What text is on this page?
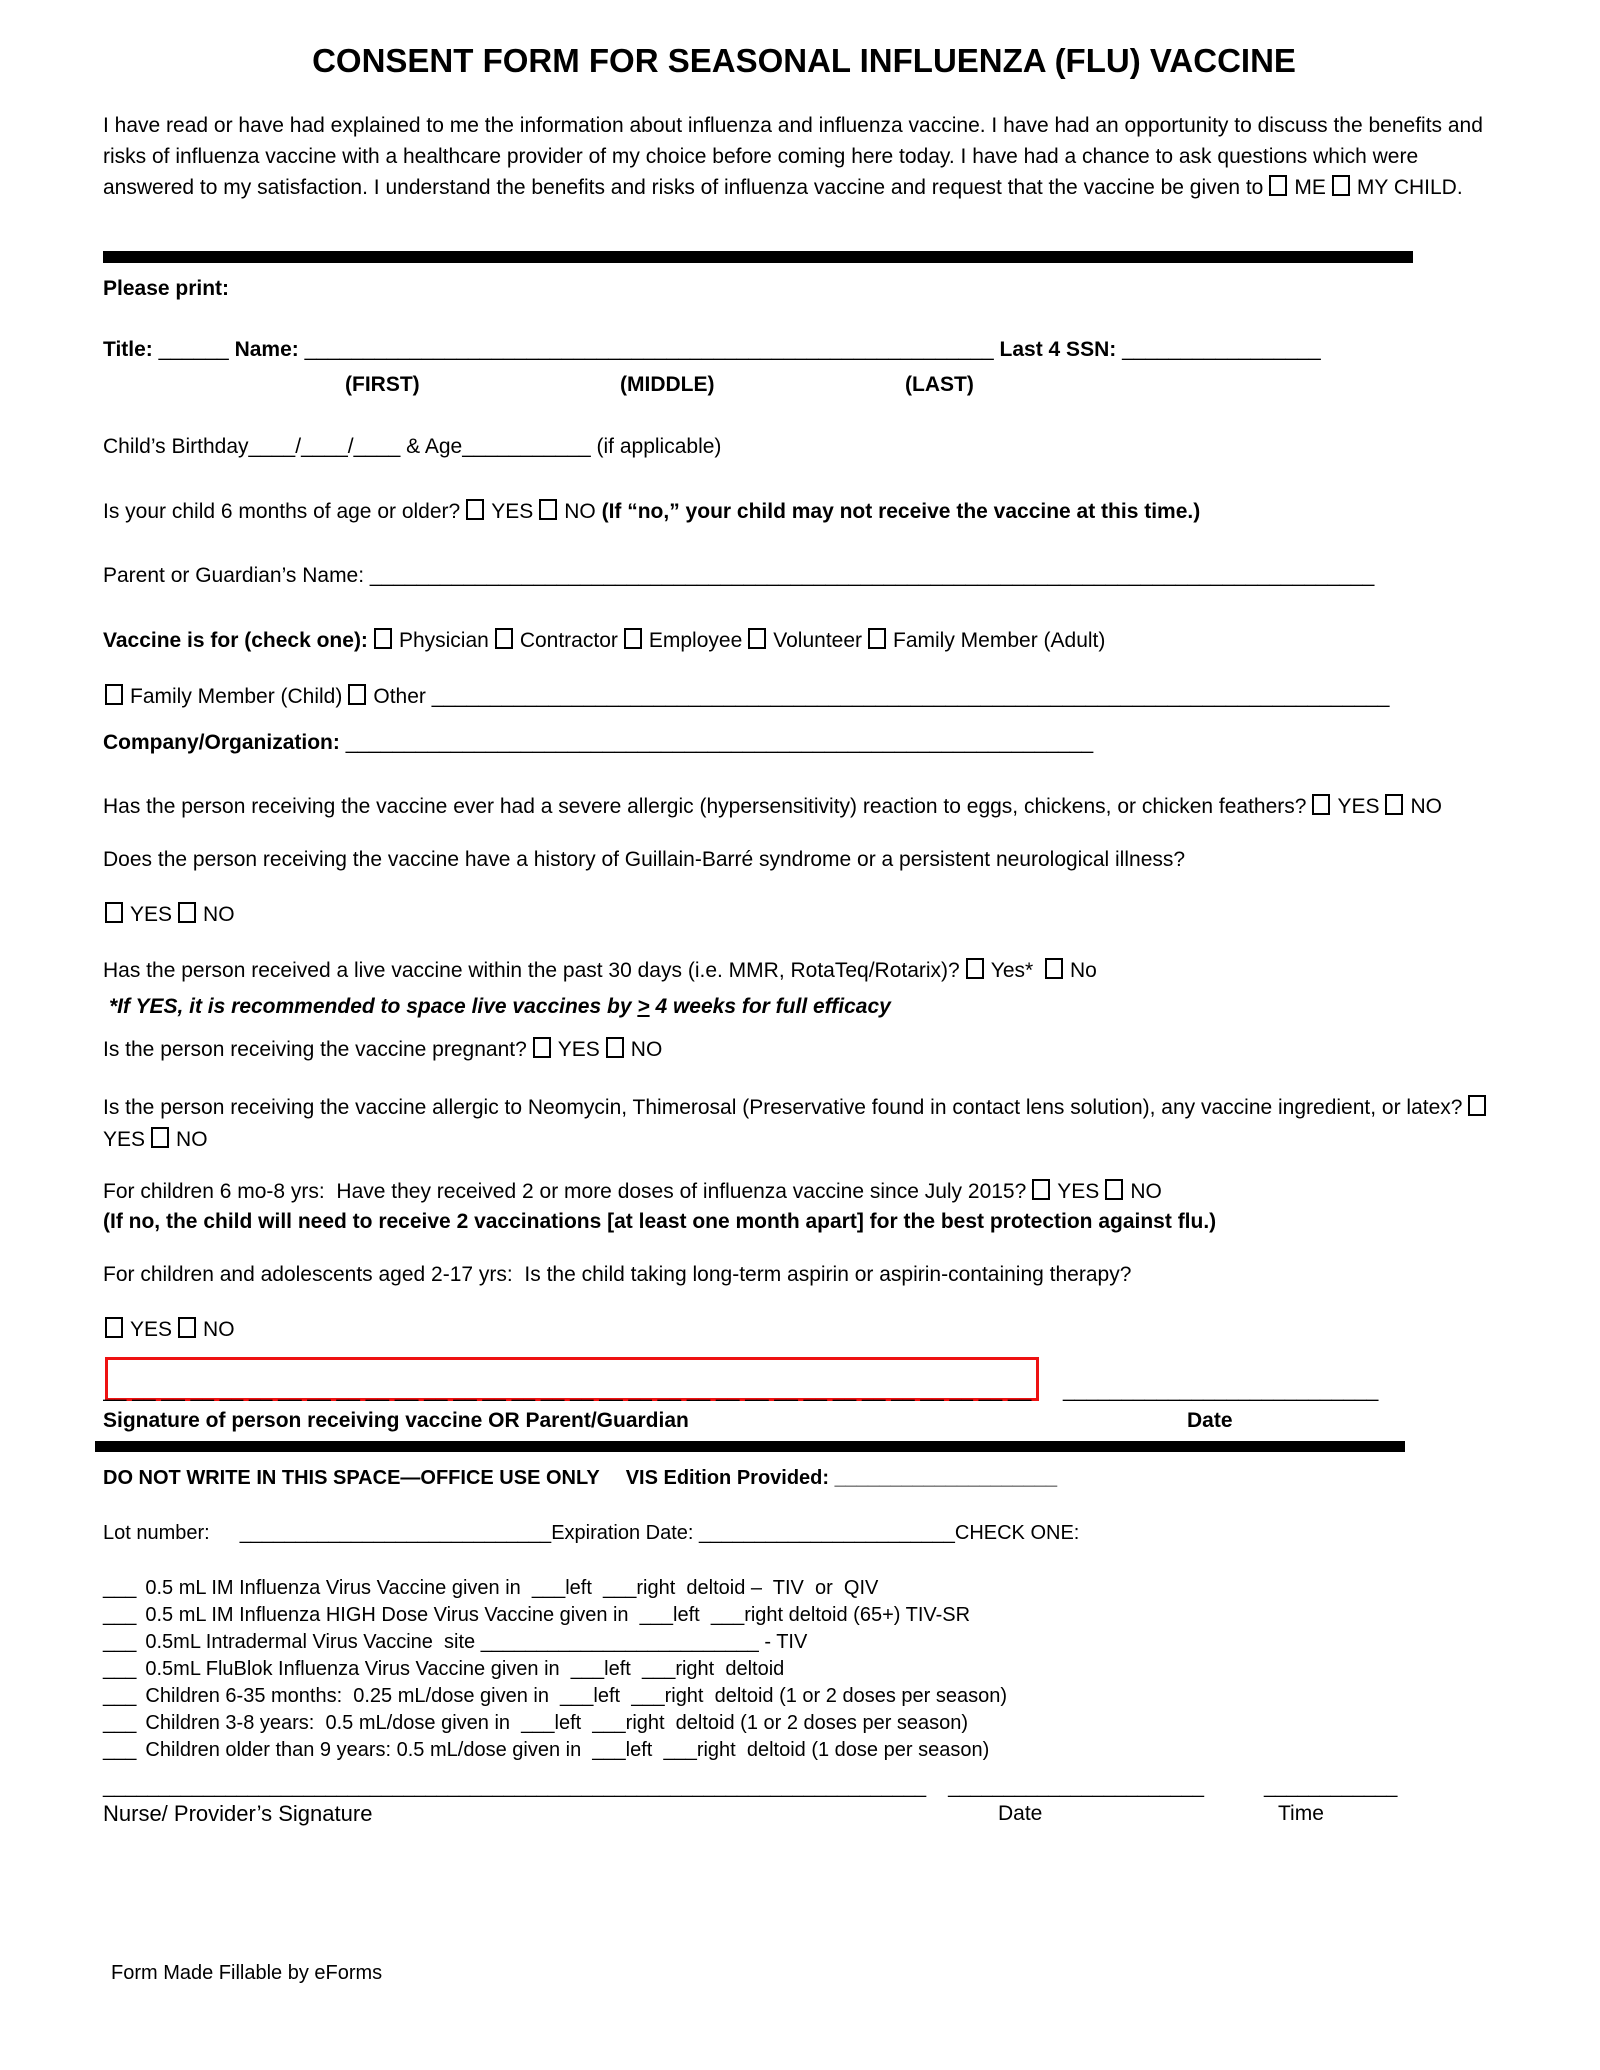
CONSENT FORM FOR SEASONAL INFLUENZA (FLU) VACCINE

I have read or have had explained to me the information about influenza and influenza vaccine. I have had an opportunity to discuss the benefits and risks of influenza vaccine with a healthcare provider of my choice before coming here today. I have had a chance to ask questions which were answered to my satisfaction. I understand the benefits and risks of influenza vaccine and request that the vaccine be given to ME MY CHILD.

Please print:
Title: ______ Name: ___________________________________________________________ Last 4 SSN: _________________
(FIRST)	(MIDDLE)	(LAST)
Child’s Birthday____/____/____ & Age___________ (if applicable)
Is your child 6 months of age or older? YES NO (If “no,” your child may not receive the vaccine at this time.)
Parent or Guardian’s Name: ______________________________________________________________________________________
Vaccine is for (check one): Physician Contractor Employee Volunteer Family Member (Adult)
Family Member (Child) Other __________________________________________________________________________________
Company/Organization: ________________________________________________________________

Has the person receiving the vaccine ever had a severe allergic (hypersensitivity) reaction to eggs, chickens, or chicken feathers? YES NO

Does the person receiving the vaccine have a history of Guillain-Barré syndrome or a persistent neurological illness?
YES NO
Has the person received a live vaccine within the past 30 days (i.e. MMR, RotaTeq/Rotarix)? Yes* No
*If YES, it is recommended to space live vaccines by ≥ 4 weeks for full efficacy
Is the person receiving the vaccine pregnant? YES NO

Is the person receiving the vaccine allergic to Neomycin, Thimerosal (Preservative found in contact lens solution), any vaccine ingredient, or latex?YES NO

For children 6 mo-8 yrs:  Have they received 2 or more doses of influenza vaccine since July 2015? YES NO
(If no, the child will need to receive 2 vaccinations [at least one month apart] for the best protection against flu.)
For children and adolescents aged 2-17 yrs:  Is the child taking long-term aspirin or aspirin-containing therapy?
YES NO
__ __ __ __ __ __ __ __ __ __ __ __ __ __ __ __ __ __ __ __ __ __ __ __ __ __ __ __ __ __ __ __	___________________________
Signature of person receiving vaccine OR Parent/Guardian	Date
DO NOT WRITE IN THIS SPACE—OFFICE USE ONLY VIS Edition Provided: ____________________
Lot number: ____________________________Expiration Date: _______________________CHECK ONE:
___ 0.5 mL IM Influenza Virus Vaccine given in  ___left  ___right  deltoid –  TIV  or  QIV
___ 0.5 mL IM Influenza HIGH Dose Virus Vaccine given in  ___left  ___right deltoid (65+) TIV-SR
___ 0.5mL Intradermal Virus Vaccine  site _________________________ - TIV
___ 0.5mL FluBlok Influenza Virus Vaccine given in  ___left  ___right  deltoid
___ Children 6-35 months:  0.25 mL/dose given in  ___left  ___right  deltoid (1 or 2 doses per season)
___ Children 3-8 years:  0.5 mL/dose given in  ___left  ___right  deltoid (1 or 2 doses per season)
___ Children older than 9 years: 0.5 mL/dose given in  ___left  ___right  deltoid (1 dose per season)
__________________________________________________________________________ _______________________	____________
Nurse/ Provider’s Signature	Date	Time
Form Made Fillable by eForms
